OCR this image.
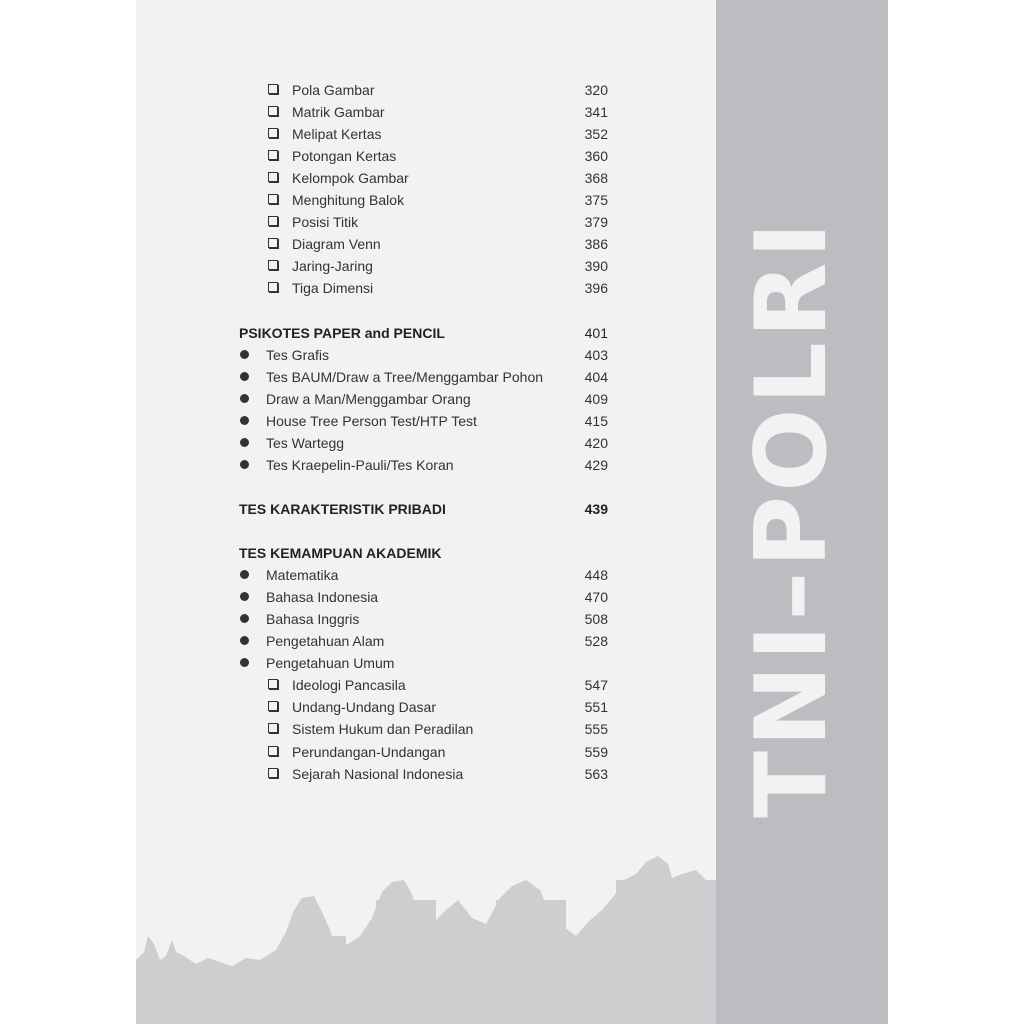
TNI–POLRI
Pola Gambar	320
Matrik Gambar	341
Melipat Kertas	352
Potongan Kertas	360
Kelompok Gambar	368
Menghitung Balok	375
Posisi Titik	379
Diagram Venn	386
Jaring-Jaring	390
Tiga Dimensi	396
PSIKOTES PAPER and PENCIL	401
Tes Grafis	403
Tes BAUM/Draw a Tree/Menggambar Pohon	404
Draw a Man/Menggambar Orang	409
House Tree Person Test/HTP Test	415
Tes Wartegg	420
Tes Kraepelin-Pauli/Tes Koran	429
TES KARAKTERISTIK PRIBADI	439
TES KEMAMPUAN AKADEMIK
Matematika	448
Bahasa Indonesia	470
Bahasa Inggris	508
Pengetahuan Alam	528
Pengetahuan Umum
Ideologi Pancasila	547
Undang-Undang Dasar	551
Sistem Hukum dan Peradilan	555
Perundangan-Undangan	559
Sejarah Nasional Indonesia	563
